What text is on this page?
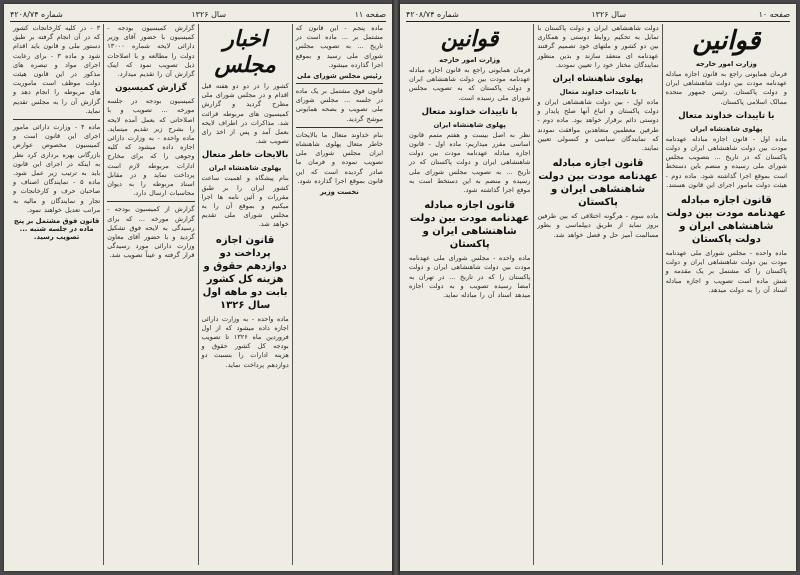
صفحه ۱۱
سال ۱۳۲۶
شماره ۴۲۰۸/۷۴
ماده پنجم - این قانون که مشتمل بر ... ماده است در تاریخ ... به تصویب مجلس شورای ملی رسید و بموقع اجرا گذارده میشود.
رئیس مجلس شورای ملی
قانون فوق مشتمل بر یک ماده در جلسه ... مجلس شورای ملی تصویب و بصحه همایونی موشح گردید.
بنام خداوند متعال ما بالایحات خاطر متعال پهلوی شاهنشاه ایران مجلس شورای ملی تصویب نموده و فرمان ما صادر گردیده است که این قانون بموقع اجرا گذارده شود.
نخست وزیر
اخبار مجلس
کشور را در دو دو هفته قبل اقدام و در مجلس شورای ملی مطرح گردید و گزارش کمیسیون های مربوطه قرائت شد. مذاکرات در اطراف لایحه بعمل آمد و پس از اخذ رای تصویب شد.
بالایحات خاطر متعال
پهلوی شاهنشاه ایران
بنام پیشگاه و اهمیت ساعت کشور ایران را بر طبق مقررات و آئین نامه ها اجرا میکنیم و بموقع آن را به مجلس شورای ملی تقدیم خواهد شد.
قانون اجازه پرداخت دو دوازدهم حقوق و هزینه کل کشور بابت دو ماهه اول سال ۱۳۲۶
ماده واحده - به وزارت دارائی اجازه داده میشود که از اول فروردین ماه ۱۳۲۶ تا تصویب بودجه کل کشور حقوق و هزینه ادارات را بنسبت دو دوازدهم پرداخت نماید.
گزارش کمیسیون بودجه - کمیسیون با حضور آقای وزیر دارائی لایحه شماره ۱۳۰۰۰ دولت را مطالعه و با اصلاحات ذیل تصویب نمود که اینک گزارش آن را تقدیم میدارد.
گزارش کمیسیون
کمیسیون بودجه در جلسه مورخه ... تصویب و با اصلاحاتی که بعمل آمده لایحه را بشرح زیر تقدیم مینماید. ماده واحده - به وزارت دارائی اجازه داده میشود که کلیه وجوهی را که برای مخارج ادارات مربوطه لازم است پرداخت نماید و در مقابل اسناد مربوطه را به دیوان محاسبات ارسال دارد.
گزارش از کمیسیون بودجه - گزارش مورخه ... که برای رسیدگی به لایحه فوق تشکیل گردید و با حضور آقای معاون وزارت دارائی مورد رسیدگی قرار گرفته و عیناً تصویب شد.
۳ - در کلیه کارخانجات کشور که در آن انجام گرفته بر طبق دستور ملی و قانون باید اقدام شود و ماده ۳ - برای رعایت اجرای مواد و تبصره های مذکور در این قانون هیئت دولت موظف است ماموریت های مربوطه را انجام دهد و گزارش آن را به مجلس تقدیم نماید.
ماده ۴ - وزارت دارائی مامور اجرای این قانون است و کمیسیون مخصوص عوارض بازرگانی بهره برداری کرد نظر به اینکه در اجرای این قانون باید به ترتیب زیر عمل شود. ماده ۵ - نمایندگان اصناف و صاحبان حرف و کارخانجات و تجار و نمایندگان و مالیه به مراتب تعدیل خواهند نمود.
قانون فوق مشتمل بر پنج ماده در جلسه شنبه ... تصویب رسید.
صفحه ۱۰
سال ۱۳۲۶
شماره ۴۲۰۸/۷۴
قوانین
وزارت امور خارجه
فرمان همایونی راجع به قانون اجازه مبادله عهدنامه مودت بین دولت شاهنشاهی ایران و دولت پاکستان. رئیس جمهور متحده ممالک اسلامی پاکستان.
با تاییدات خداوند متعال
پهلوی شاهنشاه ایران
ماده اول - قانون اجازه مبادله عهدنامه مودت بین دولت شاهنشاهی ایران و دولت پاکستان که در تاریخ ... بتصویب مجلس شورای ملی رسیده و منضم باین دستخط است بموقع اجرا گذاشته شود. ماده دوم - هیئت دولت مامور اجرای این قانون هستند.
قانون اجازه مبادله عهدنامه مودت بین دولت شاهنشاهی ایران و دولت پاکستان
ماده واحده - مجلس شورای ملی عهدنامه مودت بین دولت شاهنشاهی ایران و دولت پاکستان را که مشتمل بر یک مقدمه و شش ماده است تصویب و اجازه مبادله اسناد آن را به دولت میدهد.
دولت شاهنشاهی ایران و دولت پاکستان با تمایل به تحکیم روابط دوستی و همکاری بین دو کشور و ملتهای خود تصمیم گرفتند عهدنامه ای منعقد سازند و بدین منظور نمایندگان مختار خود را تعیین نمودند.
پهلوی شاهنشاه ایران
با تاییدات خداوند متعال
ماده اول - بین دولت شاهنشاهی ایران و دولت پاکستان و اتباع آنها صلح پایدار و دوستی دائم برقرار خواهد بود. ماده دوم - طرفین معظمین متعاهدین موافقت نمودند که نمایندگان سیاسی و کنسولی تعیین نمایند.
قانون اجازه مبادله عهدنامه مودت بین دولت شاهنشاهی ایران و پاکستان
ماده سوم - هرگونه اختلافی که بین طرفین بروز نماید از طریق دیپلماسی و بطور مسالمت آمیز حل و فصل خواهد شد.
قوانین
وزارت امور خارجه
فرمان همایونی راجع به قانون اجازه مبادله عهدنامه مودت بین دولت شاهنشاهی ایران و دولت پاکستان که به تصویب مجلس شورای ملی رسیده است.
با تاییدات خداوند متعال
پهلوی شاهنشاه ایران
نظر به اصل بیست و هفتم متمم قانون اساسی مقرر میداریم: ماده اول - قانون اجازه مبادله عهدنامه مودت بین دولت شاهنشاهی ایران و دولت پاکستان که در تاریخ ... به تصویب مجلس شورای ملی رسیده و منضم به این دستخط است به موقع اجرا گذاشته شود.
قانون اجازه مبادله عهدنامه مودت بین دولت شاهنشاهی ایران و پاکستان
ماده واحده - مجلس شورای ملی عهدنامه مودت بین دولت شاهنشاهی ایران و دولت پاکستان را که در تاریخ ... در تهران به امضا رسیده تصویب و به دولت اجازه میدهد اسناد آن را مبادله نماید.
